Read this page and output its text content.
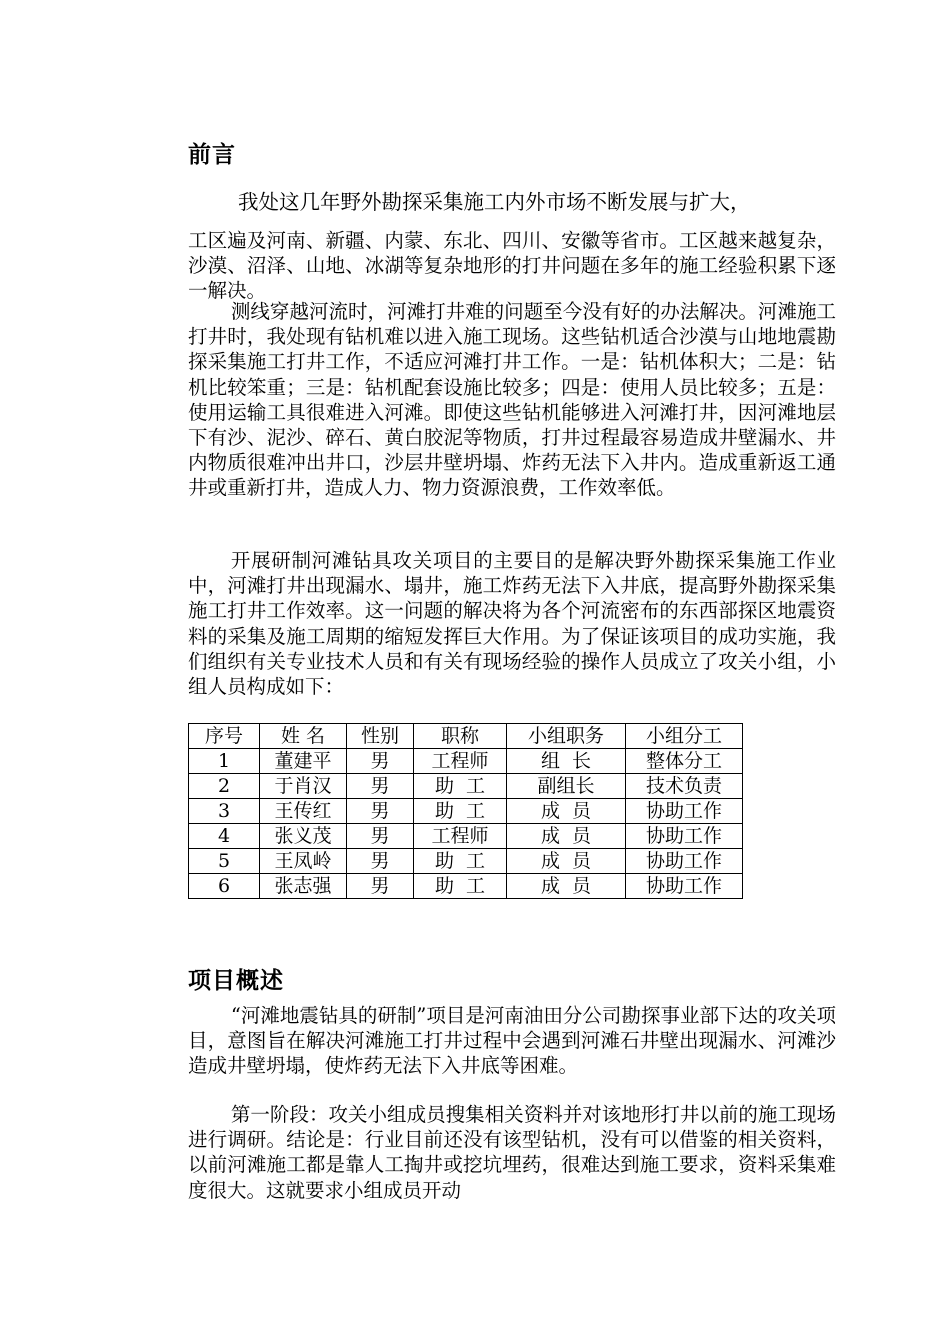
前言
我处这几年野外勘探采集施工内外市场不断发展与扩大，

工区遍及河南、新疆、内蒙、东北、四川、安徽等省市。工区越来越复杂，沙漠、沼泽、山地、冰湖等复杂地形的打井问题在多年的施工经验积累下逐一解决。

测线穿越河流时，河滩打井难的问题至今没有好的办法解决。河滩施工打井时，我处现有钻机难以进入施工现场。这些钻机适合沙漠与山地地震勘探采集施工打井工作，不适应河滩打井工作。一是：钻机体积大；二是：钻机比较笨重；三是：钻机配套设施比较多；四是：使用人员比较多；五是：使用运输工具很难进入河滩。即使这些钻机能够进入河滩打井，因河滩地层下有沙、泥沙、碎石、黄白胶泥等物质，打井过程最容易造成井壁漏水、井内物质很难冲出井口，沙层井壁坍塌、炸药无法下入井内。造成重新返工通井或重新打井，造成人力、物力资源浪费，工作效率低。

开展研制河滩钻具攻关项目的主要目的是解决野外勘探采集施工作业中，河滩打井出现漏水、塌井，施工炸药无法下入井底，提高野外勘探采集施工打井工作效率。这一问题的解决将为各个河流密布的东西部探区地震资料的采集及施工周期的缩短发挥巨大作用。为了保证该项目的成功实施，我们组织有关专业技术人员和有关有现场经验的操作人员成立了攻关小组，小组人员构成如下：

序号	姓 名	性别	职称	小组职务	小组分工
1	董建平	男	工程师	组  长	整体分工
2	于肖汉	男	助  工	副组长	技术负责
3	王传红	男	助  工	成  员	协助工作
4	张义茂	男	工程师	成  员	协助工作
5	王凤岭	男	助  工	成  员	协助工作
6	张志强	男	助  工	成  员	协助工作
项目概述

“河滩地震钻具的研制”项目是河南油田分公司勘探事业部下达的攻关项目，意图旨在解决河滩施工打井过程中会遇到河滩石井壁出现漏水、河滩沙造成井壁坍塌，使炸药无法下入井底等困难。

第一阶段：攻关小组成员搜集相关资料并对该地形打井以前的施工现场进行调研。结论是：行业目前还没有该型钻机，没有可以借鉴的相关资料，以前河滩施工都是靠人工掏井或挖坑埋药，很难达到施工要求，资料采集难度很大。这就要求小组成员开动
